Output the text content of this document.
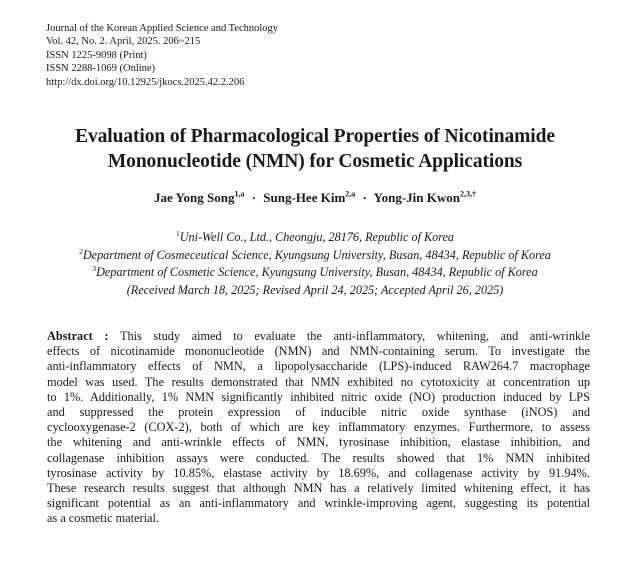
Journal of the Korean Applied Science and Technology
Vol. 42, No. 2. April, 2025. 206~215
ISSN 1225-9098 (Print)
ISSN 2288-1069 (Online)
http://dx.doi.org/10.12925/jkocs.2025.42.2.206
Evaluation of Pharmacological Properties of Nicotinamide
Mononucleotide (NMN) for Cosmetic Applications
Jae Yong Song$^{1,a}$ · Sung-Hee Kim$^{2,a}$ · Yong-Jin Kwon$^{2,3,\dagger}$
$^1$Uni-Well Co., Ltd., Cheongju, 28176, Republic of Korea
$^2$Department of Cosmeceutical Science, Kyungsung University, Busan, 48434, Republic of Korea
$^3$Department of Cosmetic Science, Kyungsung University, Busan, 48434, Republic of Korea
(Received March 18, 2025; Revised April 24, 2025; Accepted April 26, 2025)
Abstract : This study aimed to evaluate the anti-inflammatory, whitening, and anti-wrinkle
effects of nicotinamide mononucleotide (NMN) and NMN-containing serum. To investigate the
anti-inflammatory effects of NMN, a lipopolysaccharide (LPS)-induced RAW264.7 macrophage
model was used. The results demonstrated that NMN exhibited no cytotoxicity at concentration up
to 1%. Additionally, 1% NMN significantly inhibited nitric oxide (NO) production induced by LPS
and suppressed the protein expression of inducible nitric oxide synthase (iNOS) and
cyclooxygenase-2 (COX-2), both of which are key inflammatory enzymes. Furthermore, to assess
the whitening and anti-wrinkle effects of NMN, tyrosinase inhibition, elastase inhibition, and
collagenase inhibition assays were conducted. The results showed that 1% NMN inhibited
tyrosinase activity by 10.85%, elastase activity by 18.69%, and collagenase activity by 91.94%.
These research results suggest that although NMN has a relatively limited whitening effect, it has
significant potential as an anti-inflammatory and wrinkle-improving agent, suggesting its potential
as a cosmetic material.
